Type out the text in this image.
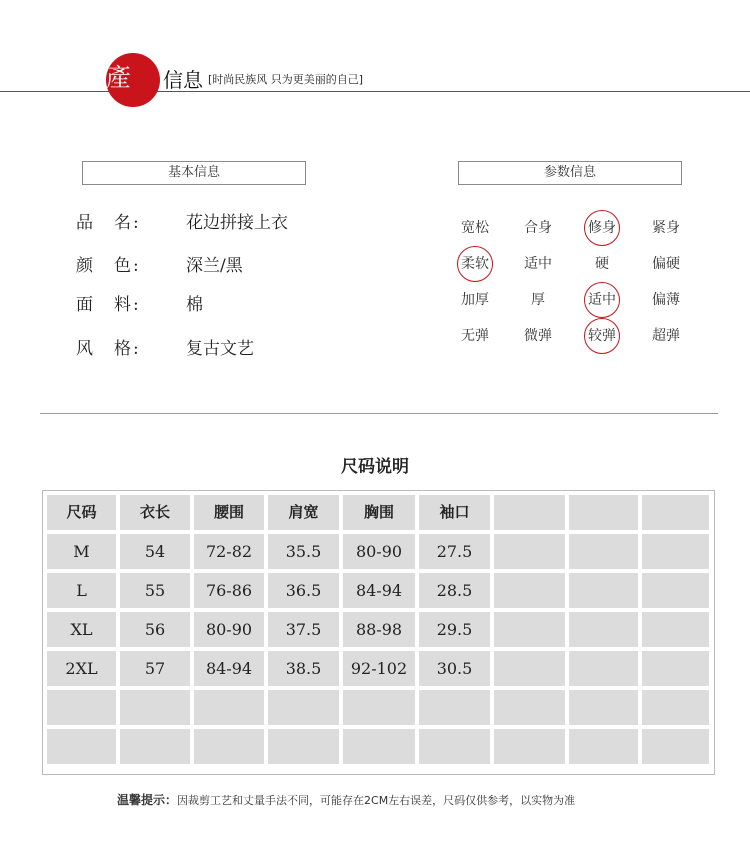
產品 信息 [时尚民族风 只为更美丽的自己]
基本信息	参数信息
品　名:	花边拼接上衣
颜　色:	深兰/黑
面　料:	棉
风　格:	复古文艺
宽松	合身	修身	紧身
柔软	适中	硬	偏硬
加厚	厚	适中	偏薄
无弹	微弹	较弹	超弹
尺码说明
尺码	衣长	腰围	肩宽	胸围	袖口
M	54	72-82	35.5	80-90	27.5
L	55	76-86	36.5	84-94	28.5
XL	56	80-90	37.5	88-98	29.5
2XL	57	84-94	38.5	92-102	30.5
温馨提示：因裁剪工艺和丈量手法不同，可能存在2CM左右误差，尺码仅供参考，以实物为准
